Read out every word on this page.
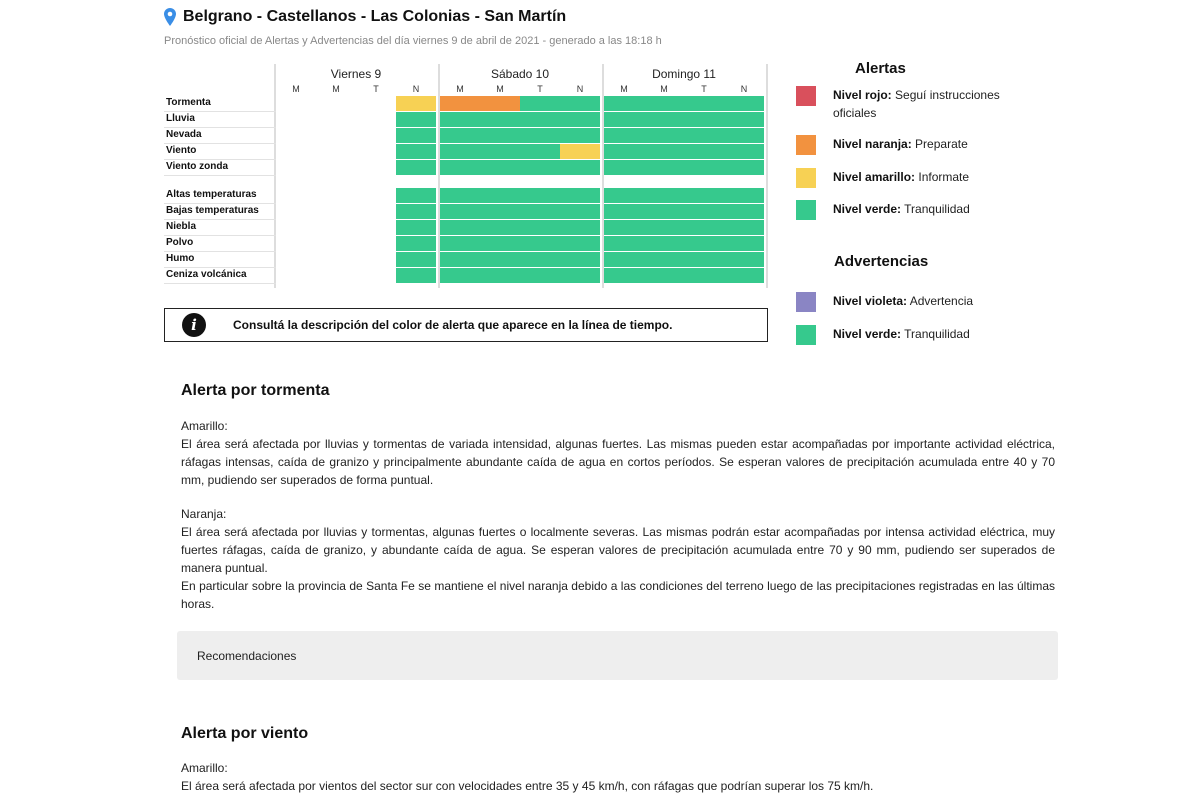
Belgrano - Castellanos - Las Colonias - San Martín
Pronóstico oficial de Alertas y Advertencias del día viernes 9 de abril de 2021 - generado a las 18:18 h
Viernes 9
M	M	T	N
Sábado 10
M	M	T	N
Domingo 11
M	M	T	N
Tormenta
Lluvia
Nevada
Viento
Viento zonda
Altas temperaturas
Bajas temperaturas
Niebla
Polvo
Humo
Ceniza volcánica
Alertas
Advertencias
Nivel rojo: Seguí instrucciones oficiales
Nivel naranja: Preparate
Nivel amarillo: Informate
Nivel verde: Tranquilidad
Nivel violeta: Advertencia
Nivel verde: Tranquilidad
i	Consultá la descripción del color de alerta que aparece en la línea de tiempo.
Alerta por tormenta
Amarillo:
El área será afectada por lluvias y tormentas de variada intensidad, algunas fuertes. Las mismas pueden estar acompañadas por importante actividad eléctrica, ráfagas intensas, caída de granizo y principalmente abundante caída de agua en cortos períodos. Se esperan valores de precipitación acumulada entre 40 y 70 mm, pudiendo ser superados de forma puntual.
Naranja:
El área será afectada por lluvias y tormentas, algunas fuertes o localmente severas. Las mismas podrán estar acompañadas por intensa actividad eléctrica, muy fuertes ráfagas, caída de granizo, y abundante caída de agua. Se esperan valores de precipitación acumulada entre 70 y 90 mm, pudiendo ser superados de manera puntual.
En particular sobre la provincia de Santa Fe se mantiene el nivel naranja debido a las condiciones del terreno luego de las precipitaciones registradas en las últimas horas.
Recomendaciones
Alerta por viento
Amarillo:
El área será afectada por vientos del sector sur con velocidades entre 35 y 45 km/h, con ráfagas que podrían superar los 75 km/h.
